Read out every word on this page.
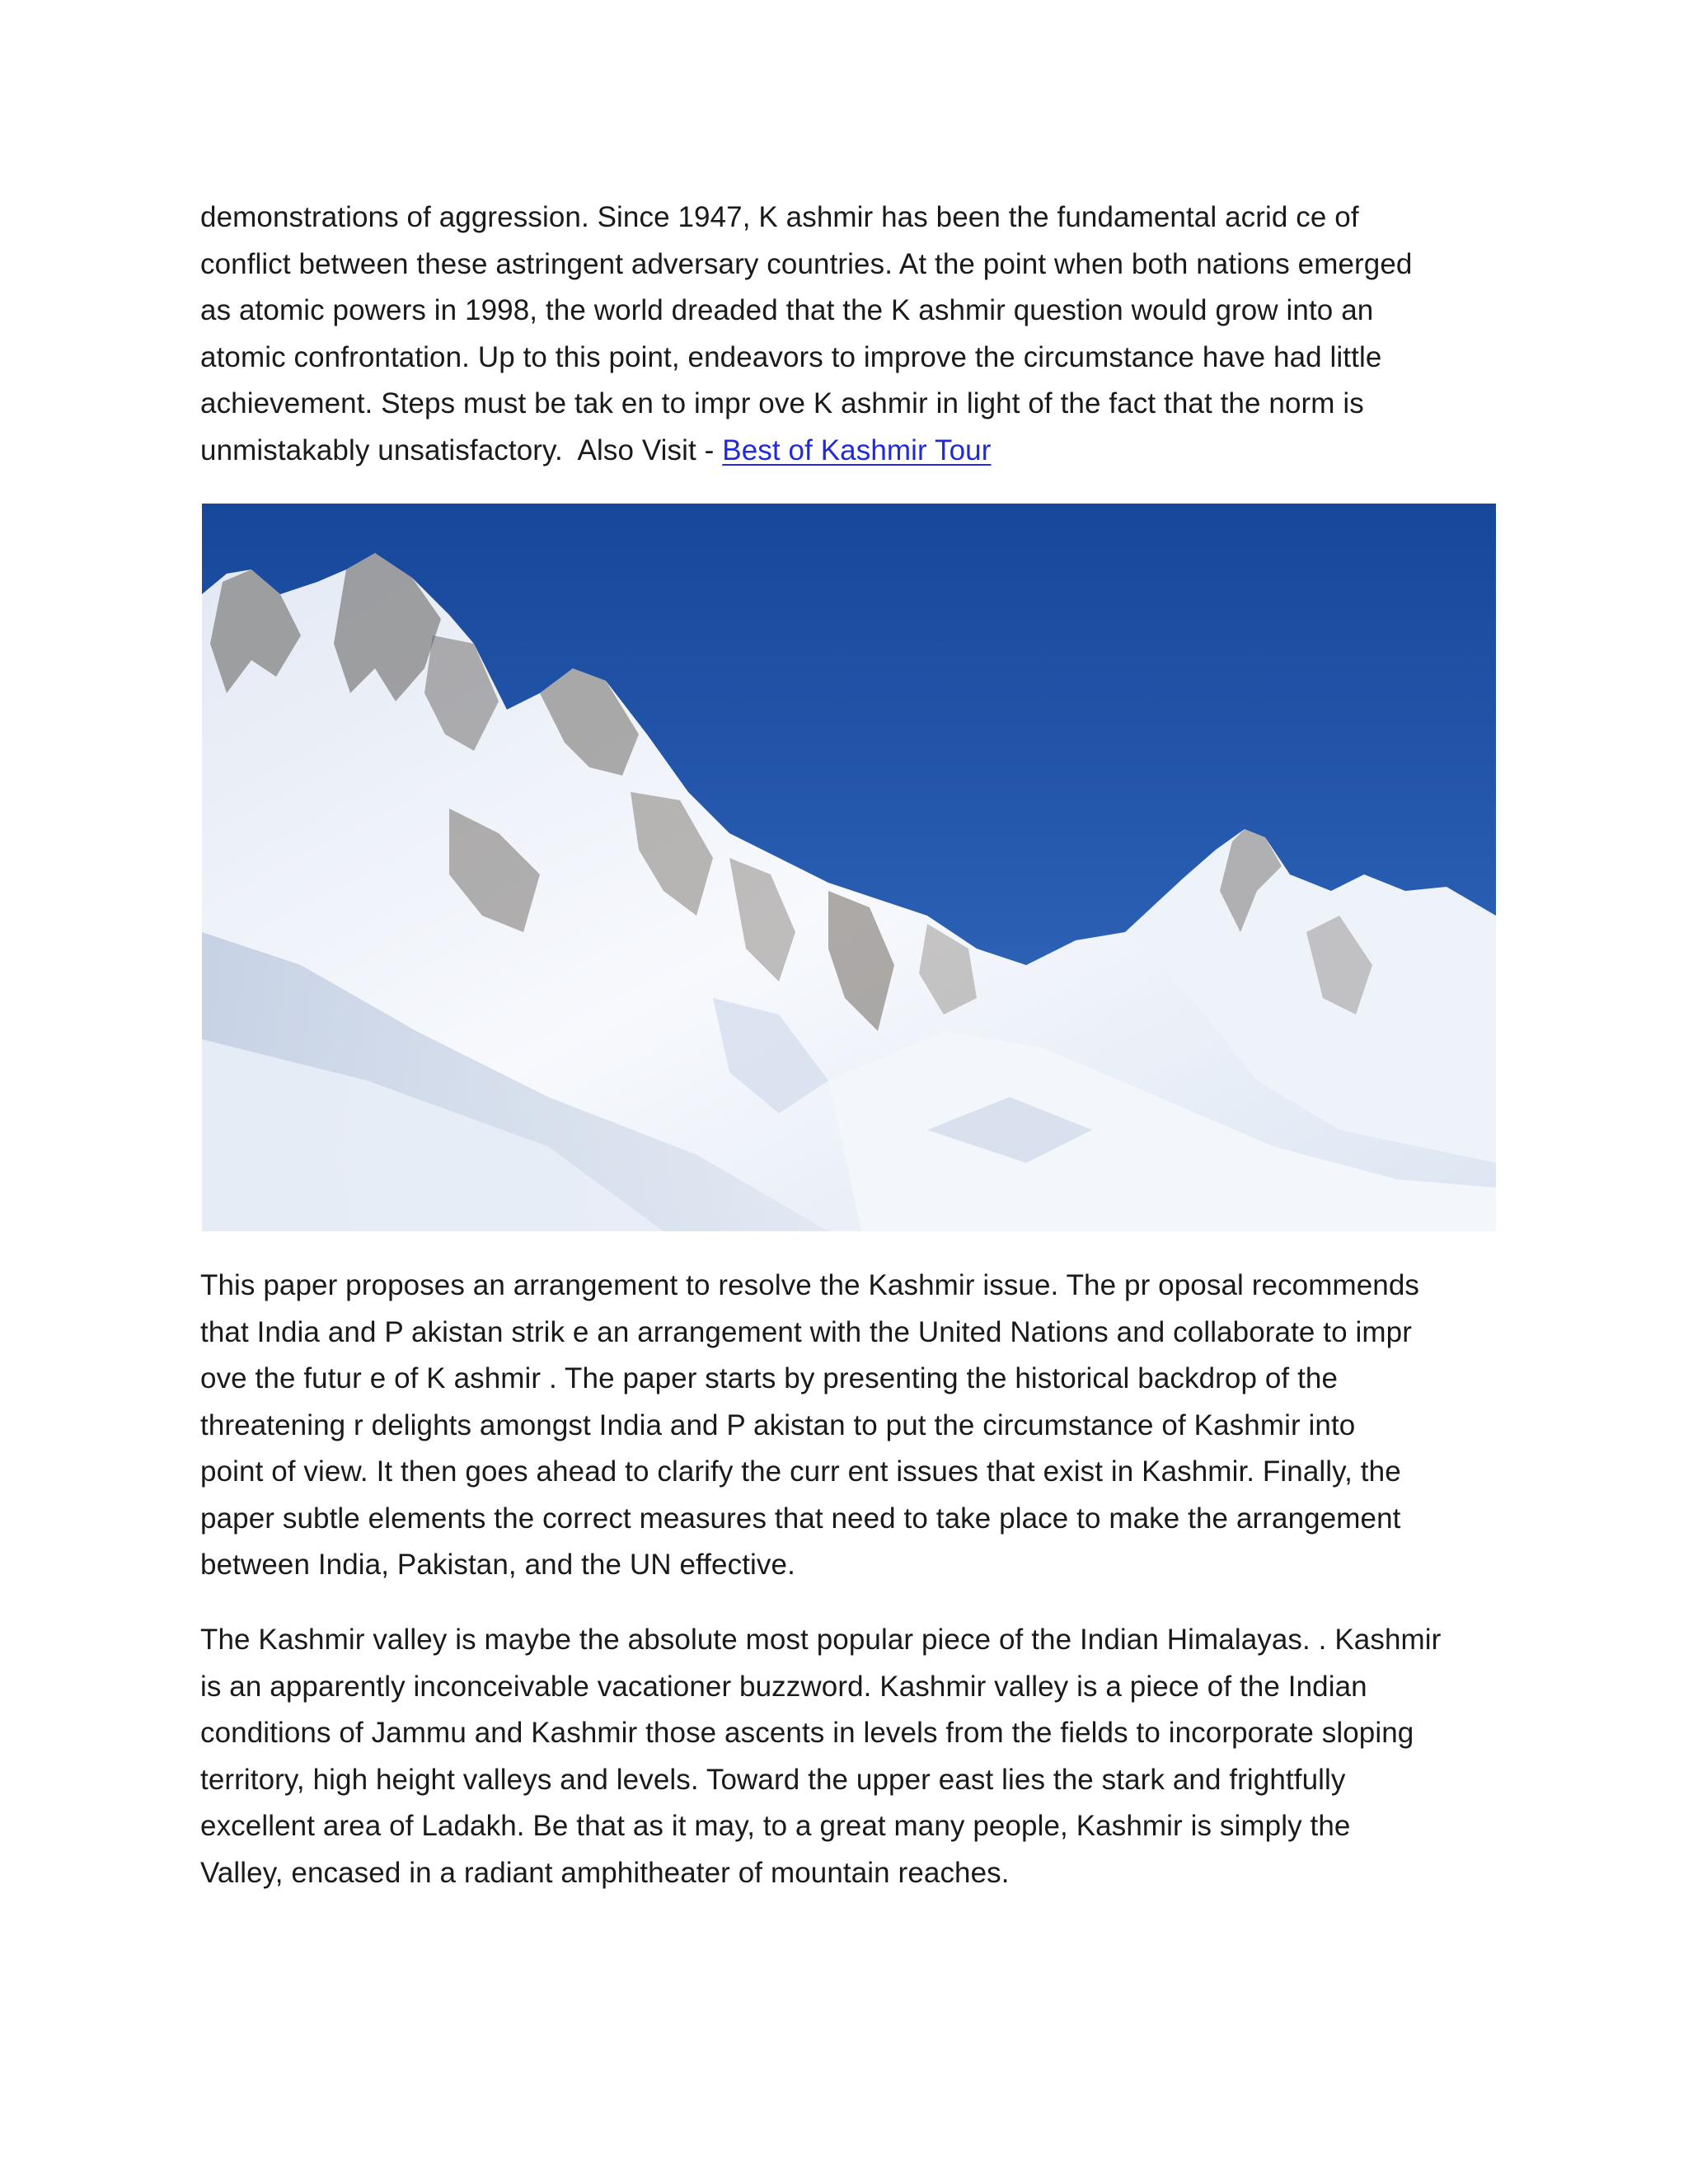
demonstrations of aggression. Since 1947, K ashmir has been the fundamental acrid ce of
conflict between these astringent adversary countries. At the point when both nations emerged
as atomic powers in 1998, the world dreaded that the K ashmir question would grow into an
atomic confrontation. Up to this point, endeavors to improve the circumstance have had little
achievement. Steps must be tak en to impr ove K ashmir in light of the fact that the norm is
unmistakably unsatisfactory.  Also Visit - Best of Kashmir Tour

This paper proposes an arrangement to resolve the Kashmir issue. The pr oposal recommends
that India and P akistan strik e an arrangement with the United Nations and collaborate to impr
ove the futur e of K ashmir . The paper starts by presenting the historical backdrop of the
threatening r delights amongst India and P akistan to put the circumstance of Kashmir into
point of view. It then goes ahead to clarify the curr ent issues that exist in Kashmir. Finally, the
paper subtle elements the correct measures that need to take place to make the arrangement
between India, Pakistan, and the UN effective.

The Kashmir valley is maybe the absolute most popular piece of the Indian Himalayas. . Kashmir
is an apparently inconceivable vacationer buzzword. Kashmir valley is a piece of the Indian
conditions of Jammu and Kashmir those ascents in levels from the fields to incorporate sloping
territory, high height valleys and levels. Toward the upper east lies the stark and frightfully
excellent area of Ladakh. Be that as it may, to a great many people, Kashmir is simply the
Valley, encased in a radiant amphitheater of mountain reaches.
